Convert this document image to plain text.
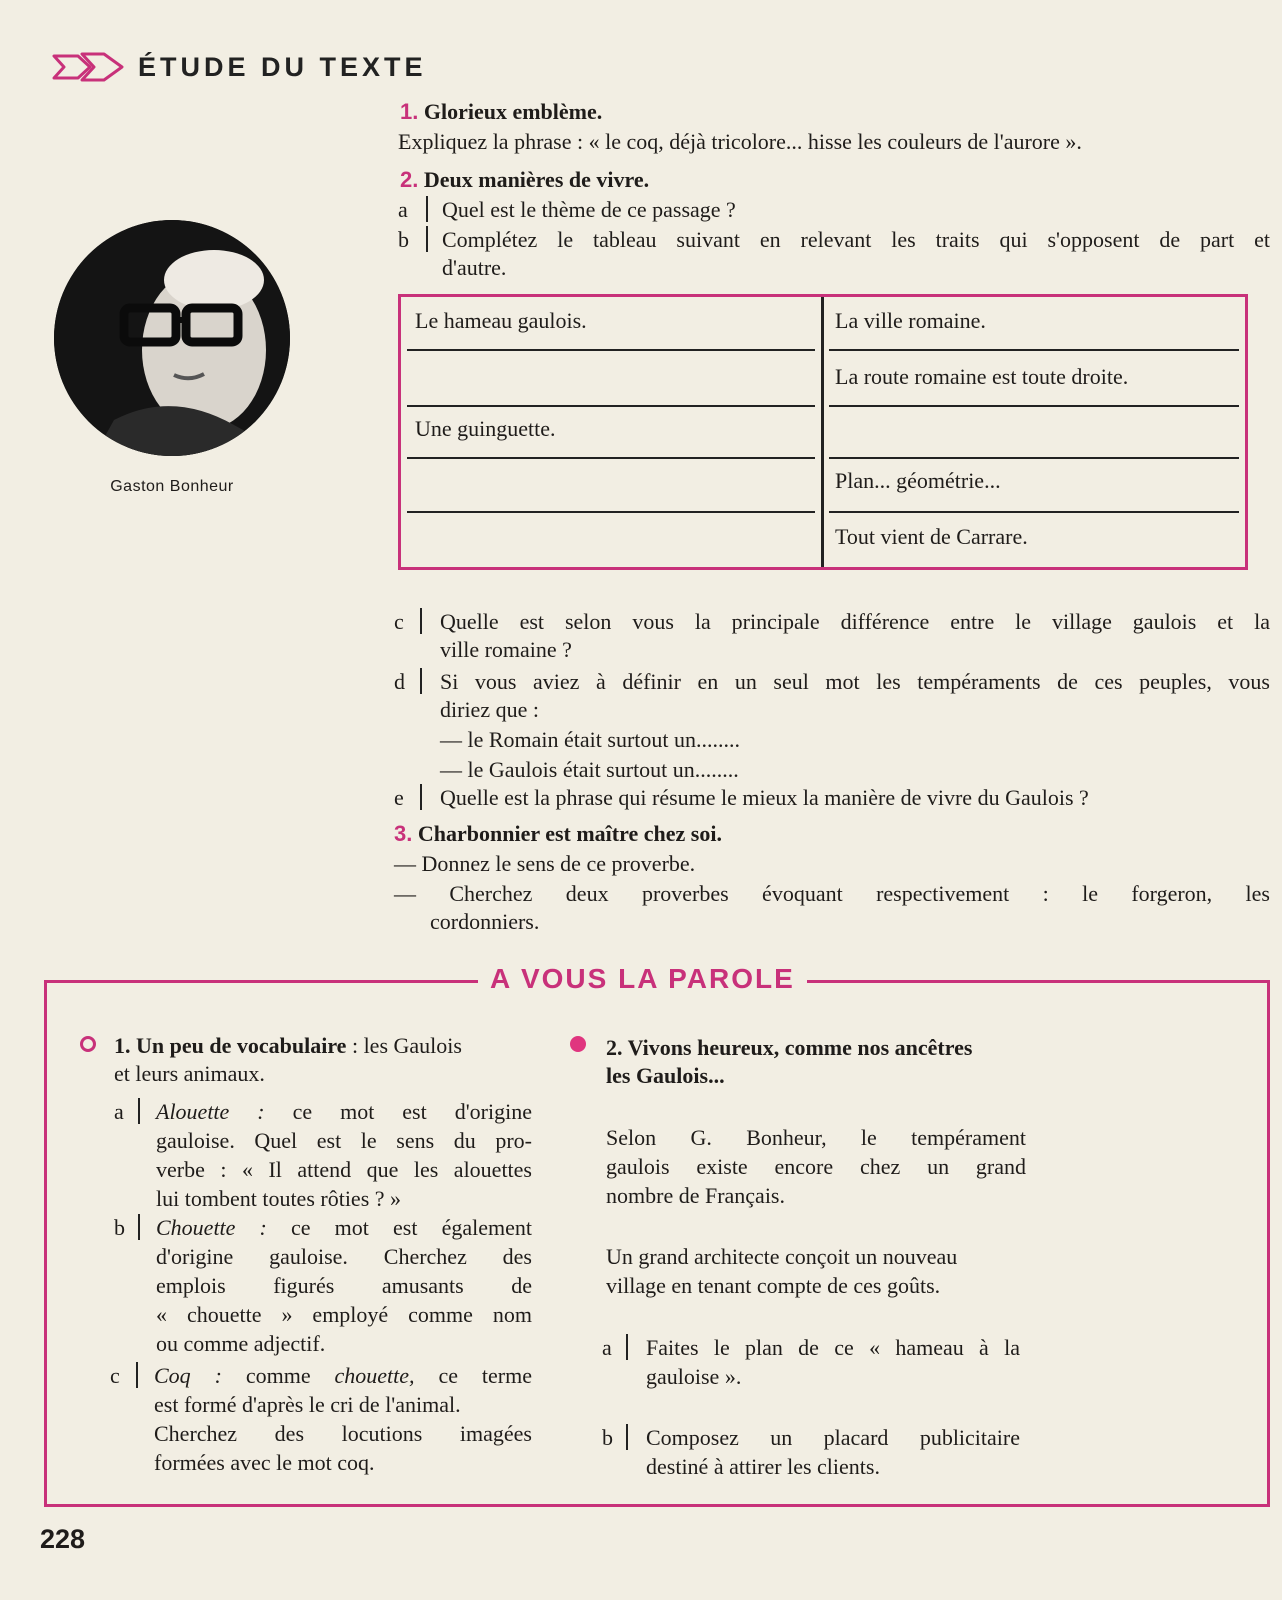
ÉTUDE DU TEXTE
Gaston Bonheur
1. Glorieux emblème.
Expliquez la phrase : « le coq, déjà tricolore... hisse les couleurs de l'aurore ».
2. Deux manières de vivre.
a Quel est le thème de ce passage ?
b Complétez le tableau suivant en relevant les traits qui s'opposent de part et
d'autre.
Le hameau gaulois.
Une guinguette.
La ville romaine.
La route romaine est toute droite.
Plan... géométrie...
Tout vient de Carrare.
c Quelle est selon vous la principale différence entre le village gaulois et la
ville romaine ?
d Si vous aviez à définir en un seul mot les tempéraments de ces peuples, vous
diriez que :
— le Romain était surtout un........
— le Gaulois était surtout un........
e Quelle est la phrase qui résume le mieux la manière de vivre du Gaulois ?
3. Charbonnier est maître chez soi.
— Donnez le sens de ce proverbe.
— Cherchez deux proverbes évoquant respectivement : le forgeron, les
cordonniers.
A VOUS LA PAROLE
1. Un peu de vocabulaire : les Gaulois
et leurs animaux.
a Alouette : ce mot est d'origine
gauloise. Quel est le sens du pro-
verbe : « Il attend que les alouettes
lui tombent toutes rôties ? »
b Chouette : ce mot est également
d'origine gauloise. Cherchez des
emplois figurés amusants de
« chouette » employé comme nom
ou comme adjectif.
c Coq : comme chouette, ce terme
est formé d'après le cri de l'animal.
Cherchez des locutions imagées
formées avec le mot coq.
2. Vivons heureux, comme nos ancêtres
les Gaulois...
Selon G. Bonheur, le tempérament
gaulois existe encore chez un grand
nombre de Français.
Un grand architecte conçoit un nouveau
village en tenant compte de ces goûts.
a Faites le plan de ce « hameau à la
gauloise ».
b Composez un placard publicitaire
destiné à attirer les clients.
228
